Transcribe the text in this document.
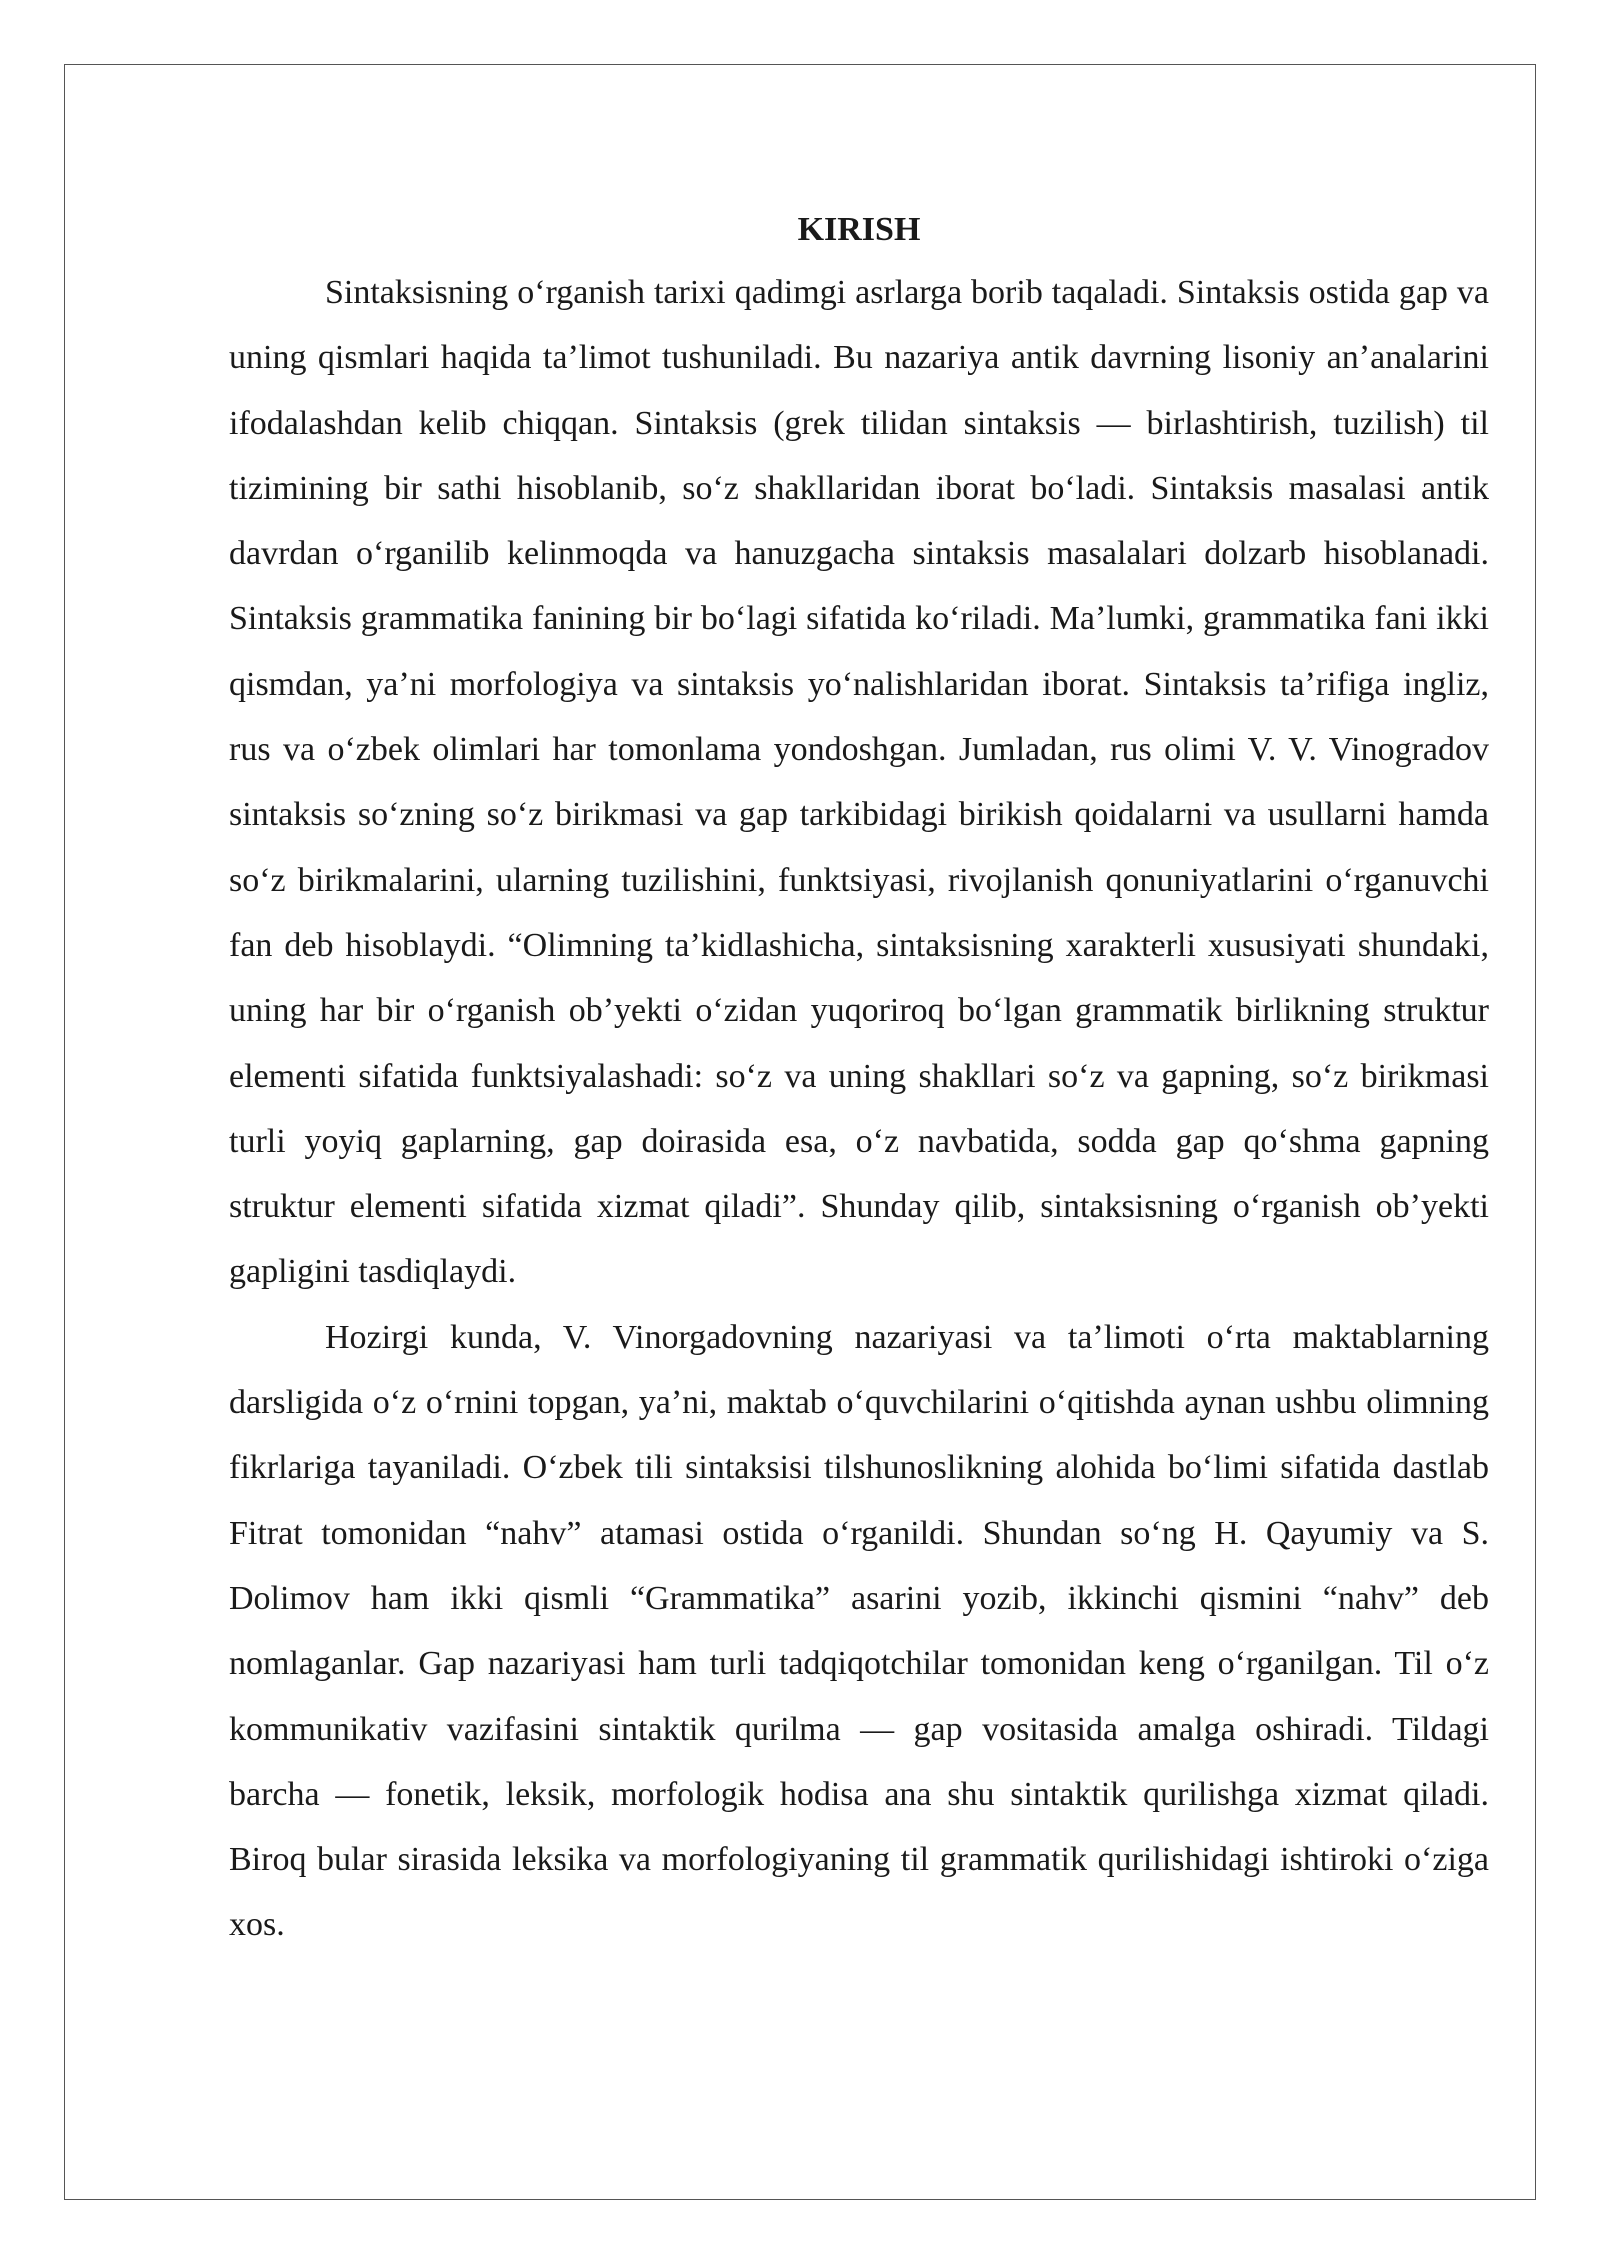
KIRISH

Sintaksisning oʻrganish tarixi qadimgi asrlarga borib taqaladi. Sintaksis ostida gap va uning qismlari haqida taʼlimot tushuniladi. Bu nazariya antik davrning lisoniy anʼanalarini ifodalashdan kelib chiqqan. Sintaksis (grek tilidan sintaksis — birlashtirish, tuzilish) til tizimining bir sathi hisoblanib, soʻz shakllaridan iborat boʻladi. Sintaksis masalasi antik davrdan oʻrganilib kelinmoqda va hanuzgacha sintaksis masalalari dolzarb hisoblanadi. Sintaksis grammatika fanining bir boʻlagi sifatida koʻriladi. Maʼlumki, grammatika fani ikki qismdan, yaʼni morfologiya va sintaksis yoʻnalishlaridan iborat. Sintaksis taʼrifiga ingliz, rus va oʻzbek olimlari har tomonlama yondoshgan. Jumladan, rus olimi V. V. Vinogradov sintaksis soʻzning soʻz birikmasi va gap tarkibidagi birikish qoidalarni va usullarni hamda soʻz birikmalarini, ularning tuzilishini, funktsiyasi, rivojlanish qonuniyatlarini oʻrganuvchi fan deb hisoblaydi. “Olimning taʼkidlashicha, sintaksisning xarakterli xususiyati shundaki, uning har bir oʻrganish obʼyekti oʻzidan yuqoriroq boʻlgan grammatik birlikning struktur elementi sifatida funktsiyalashadi: soʻz va uning shakllari soʻz va gapning, soʻz birikmasi turli yoyiq gaplarning, gap doirasida esa, oʻz navbatida, sodda gap qoʻshma gapning struktur elementi sifatida xizmat qiladi”. Shunday qilib, sintaksisning oʻrganish obʼyekti gapligini tasdiqlaydi.

Hozirgi kunda, V. Vinorgadovning nazariyasi va taʼlimoti oʻrta maktablarning darsligida oʻz oʻrnini topgan, yaʼni, maktab oʻquvchilarini oʻqitishda aynan ushbu olimning fikrlariga tayaniladi. Oʻzbek tili sintaksisi tilshunoslikning alohida boʻlimi sifatida dastlab Fitrat tomonidan “nahv” atamasi ostida oʻrganildi. Shundan soʻng H. Qayumiy va S. Dolimov ham ikki qismli “Grammatika” asarini yozib, ikkinchi qismini “nahv” deb nomlaganlar. Gap nazariyasi ham turli tadqiqotchilar tomonidan keng oʻrganilgan. Til oʻz kommunikativ vazifasini sintaktik qurilma — gap vositasida amalga oshiradi. Tildagi barcha — fonetik, leksik, morfologik hodisa ana shu sintaktik qurilishga xizmat qiladi. Biroq bular sirasida leksika va morfologiyaning til grammatik qurilishidagi ishtiroki oʻziga xos.
